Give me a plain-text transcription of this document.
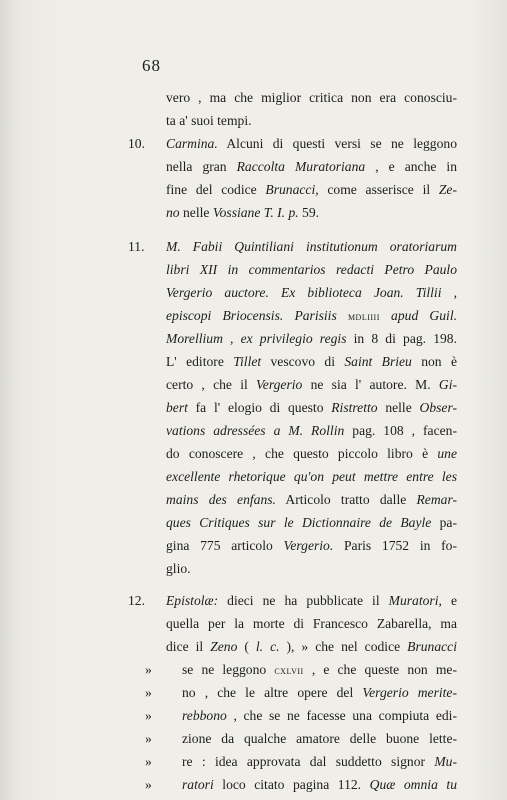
68
vero , ma che miglior critica non era conosciu-
ta a' suoi tempi.
10. Carmina. Alcuni di questi versi se ne leggono
nella gran Raccolta Muratoriana , e anche in
fine del codice Brunacci, come asserisce il Ze-
no nelle Vossiane T. I. p. 59.
11. M. Fabii Quintiliani institutionum oratoriarum
libri XII in commentarios redacti Petro Paulo
Vergerio auctore. Ex biblioteca Joan. Tillii ,
episcopi Briocensis. Parisiis mdliiii apud Guil.
Morellium , ex privilegio regis in 8 di pag. 198.
L' editore Tillet vescovo di Saint Brieu non è
certo , che il Vergerio ne sia l' autore. M. Gi-
bert fa l' elogio di questo Ristretto nelle Obser-
vations adressées a M. Rollin pag. 108 , facen-
do conoscere , che questo piccolo libro è une
excellente rhetorique qu'on peut mettre entre les
mains des enfans. Articolo tratto dalle Remar-
ques Critiques sur le Dictionnaire de Bayle pa-
gina 775 articolo Vergerio. Paris 1752 in fo-
glio.
12. Epistolæ: dieci ne ha pubblicate il Muratori, e
quella per la morte di Francesco Zabarella, ma
dice il Zeno ( l. c. ), » che nel codice Brunacci
» se ne leggono cxlvii , e che queste non me-
» no , che le altre opere del Vergerio merite-
» rebbono , che se ne facesse una compiuta edi-
» zione da qualche amatore delle buone lette-
» re : idea approvata dal suddetto signor Mu-
» ratori loco citato pagina 112. Quæ omnia tu
